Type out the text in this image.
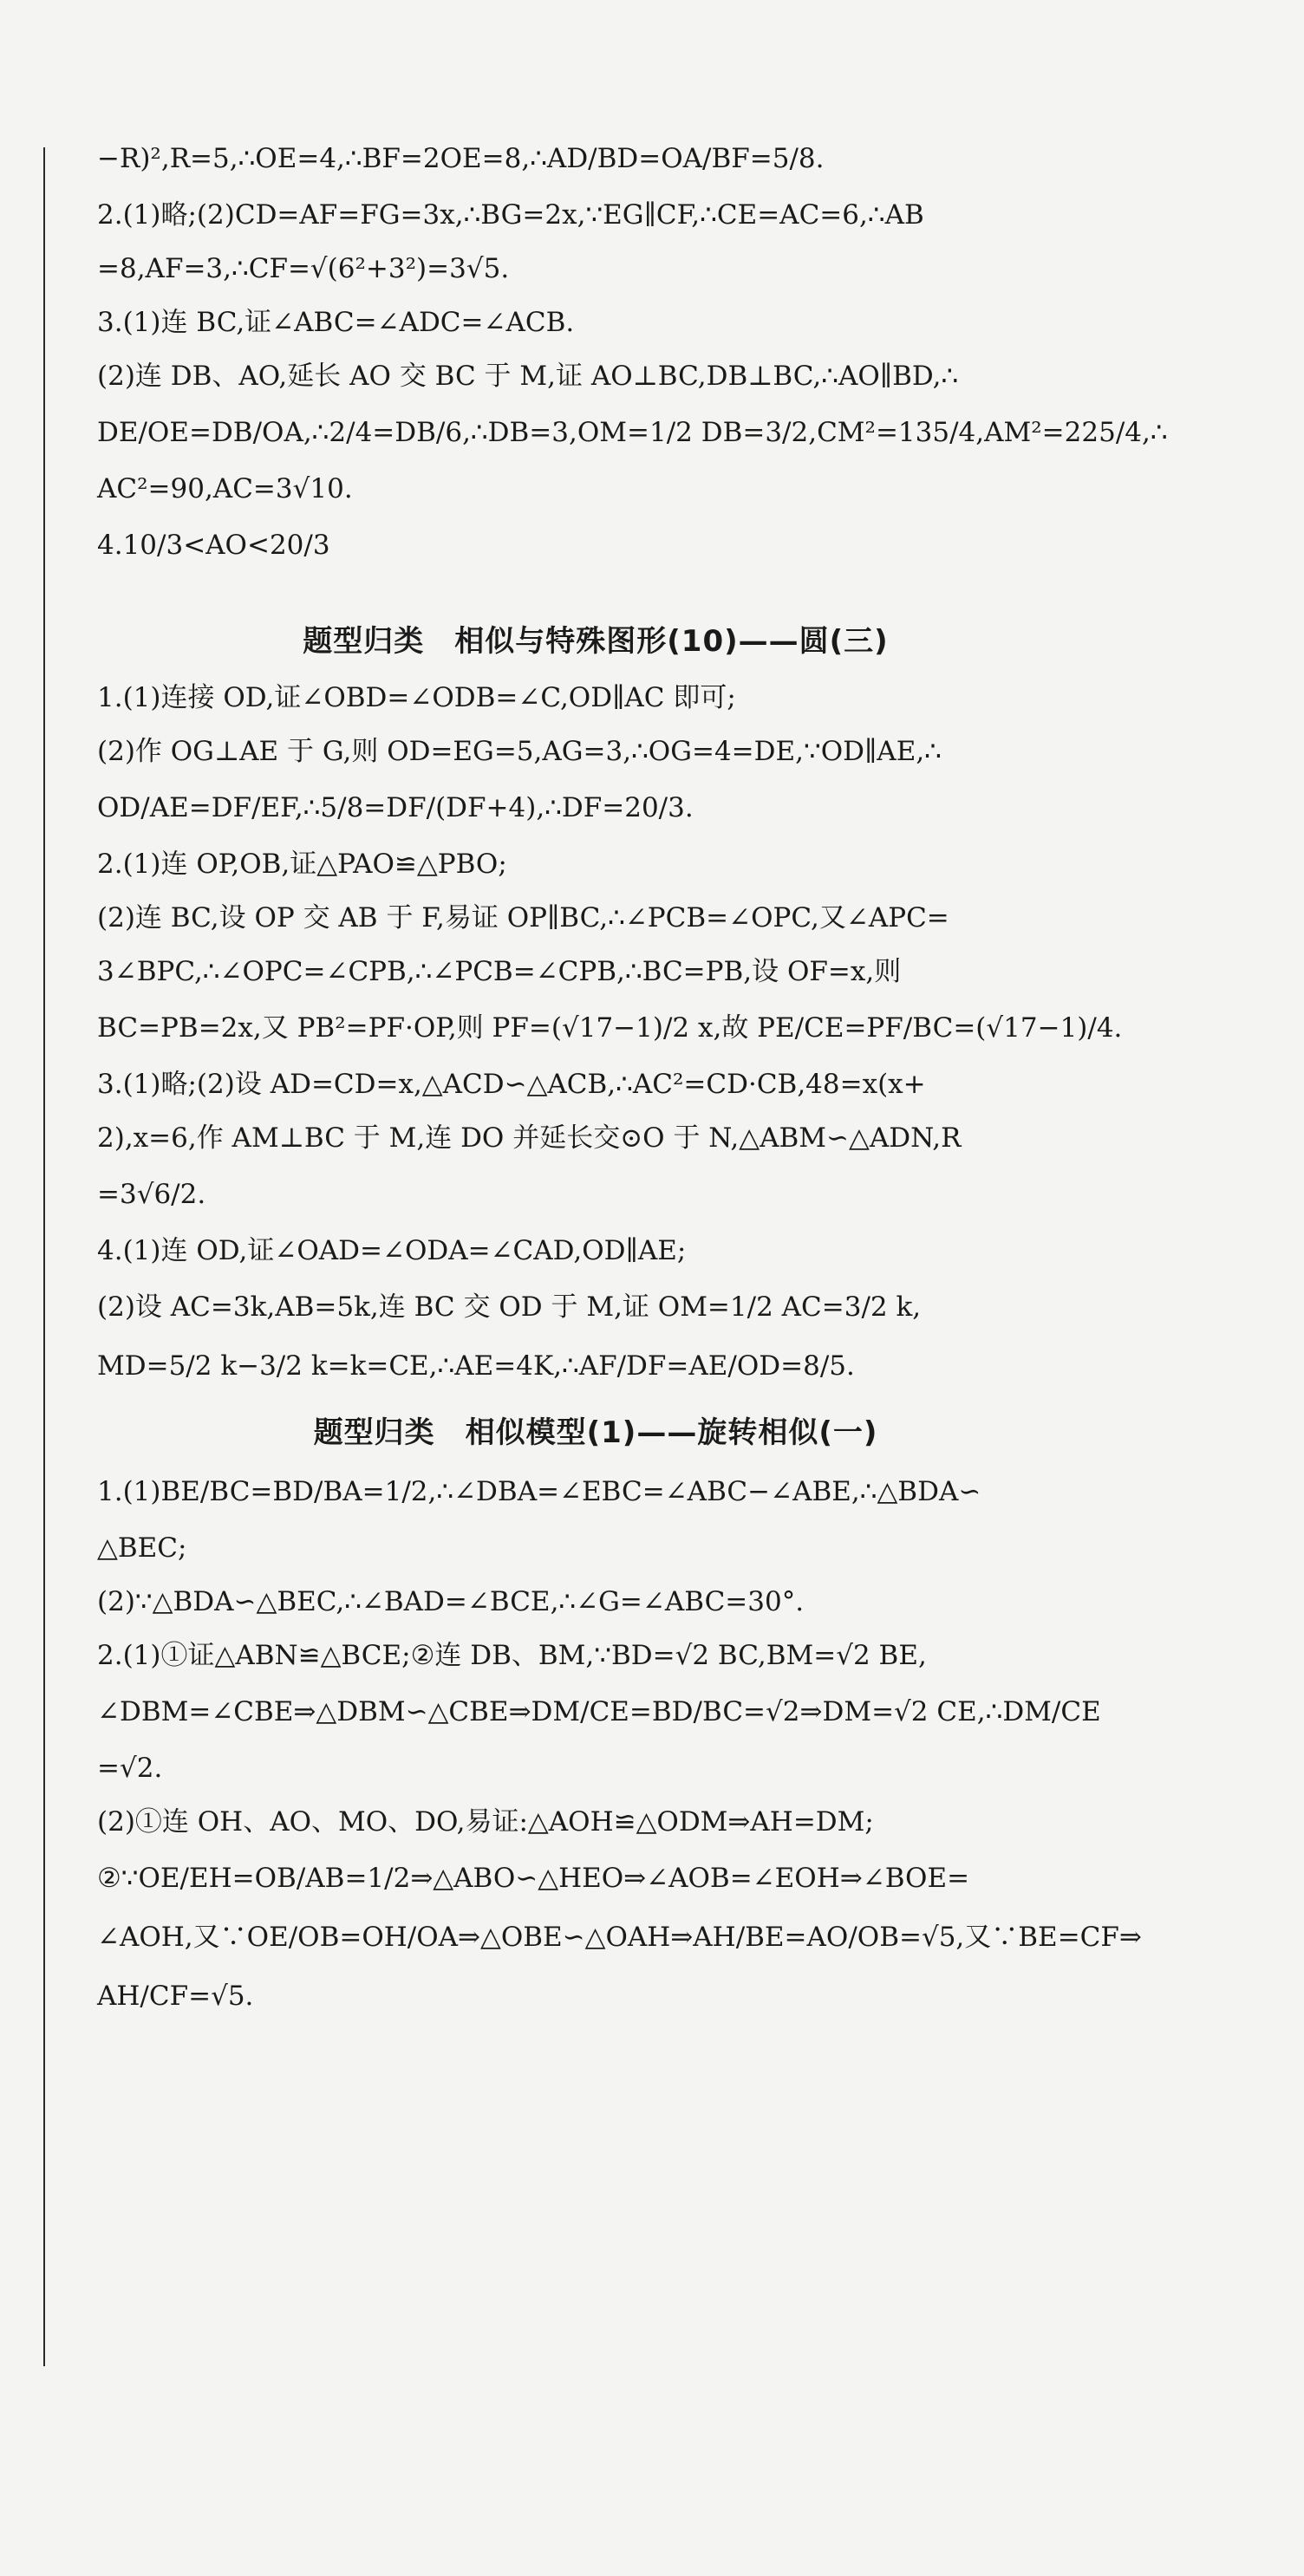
−R)²,R=5,∴OE=4,∴BF=2OE=8,∴AD/BD=OA/BF=5/8.

2.(1)略;(2)CD=AF=FG=3x,∴BG=2x,∵EG∥CF,∴CE=AC=6,∴AB

=8,AF=3,∴CF=√(6²+3²)=3√5.

3.(1)连 BC,证∠ABC=∠ADC=∠ACB.

(2)连 DB、AO,延长 AO 交 BC 于 M,证 AO⊥BC,DB⊥BC,∴AO∥BD,∴

DE/OE=DB/OA,∴2/4=DB/6,∴DB=3,OM=1/2 DB=3/2,CM²=135/4,AM²=225/4,∴

AC²=90,AC=3√10.

4.10/3<AO<20/3

题型归类　相似与特殊图形(10)——圆(三)

1.(1)连接 OD,证∠OBD=∠ODB=∠C,OD∥AC 即可;

(2)作 OG⊥AE 于 G,则 OD=EG=5,AG=3,∴OG=4=DE,∵OD∥AE,∴

OD/AE=DF/EF,∴5/8=DF/(DF+4),∴DF=20/3.

2.(1)连 OP,OB,证△PAO≌△PBO;

(2)连 BC,设 OP 交 AB 于 F,易证 OP∥BC,∴∠PCB=∠OPC,又∠APC=

3∠BPC,∴∠OPC=∠CPB,∴∠PCB=∠CPB,∴BC=PB,设 OF=x,则

BC=PB=2x,又 PB²=PF·OP,则 PF=(√17−1)/2 x,故 PE/CE=PF/BC=(√17−1)/4.

3.(1)略;(2)设 AD=CD=x,△ACD∽△ACB,∴AC²=CD·CB,48=x(x+

2),x=6,作 AM⊥BC 于 M,连 DO 并延长交⊙O 于 N,△ABM∽△ADN,R

=3√6/2.

4.(1)连 OD,证∠OAD=∠ODA=∠CAD,OD∥AE;

(2)设 AC=3k,AB=5k,连 BC 交 OD 于 M,证 OM=1/2 AC=3/2 k,

MD=5/2 k−3/2 k=k=CE,∴AE=4K,∴AF/DF=AE/OD=8/5.

题型归类　相似模型(1)——旋转相似(一)

1.(1)BE/BC=BD/BA=1/2,∴∠DBA=∠EBC=∠ABC−∠ABE,∴△BDA∽

△BEC;

(2)∵△BDA∽△BEC,∴∠BAD=∠BCE,∴∠G=∠ABC=30°.

2.(1)①证△ABN≌△BCE;②连 DB、BM,∵BD=√2 BC,BM=√2 BE,

∠DBM=∠CBE⇒△DBM∽△CBE⇒DM/CE=BD/BC=√2⇒DM=√2 CE,∴DM/CE

=√2.

(2)①连 OH、AO、MO、DO,易证:△AOH≌△ODM⇒AH=DM;

②∵OE/EH=OB/AB=1/2⇒△ABO∽△HEO⇒∠AOB=∠EOH⇒∠BOE=

∠AOH,又∵OE/OB=OH/OA⇒△OBE∽△OAH⇒AH/BE=AO/OB=√5,又∵BE=CF⇒

AH/CF=√5.
